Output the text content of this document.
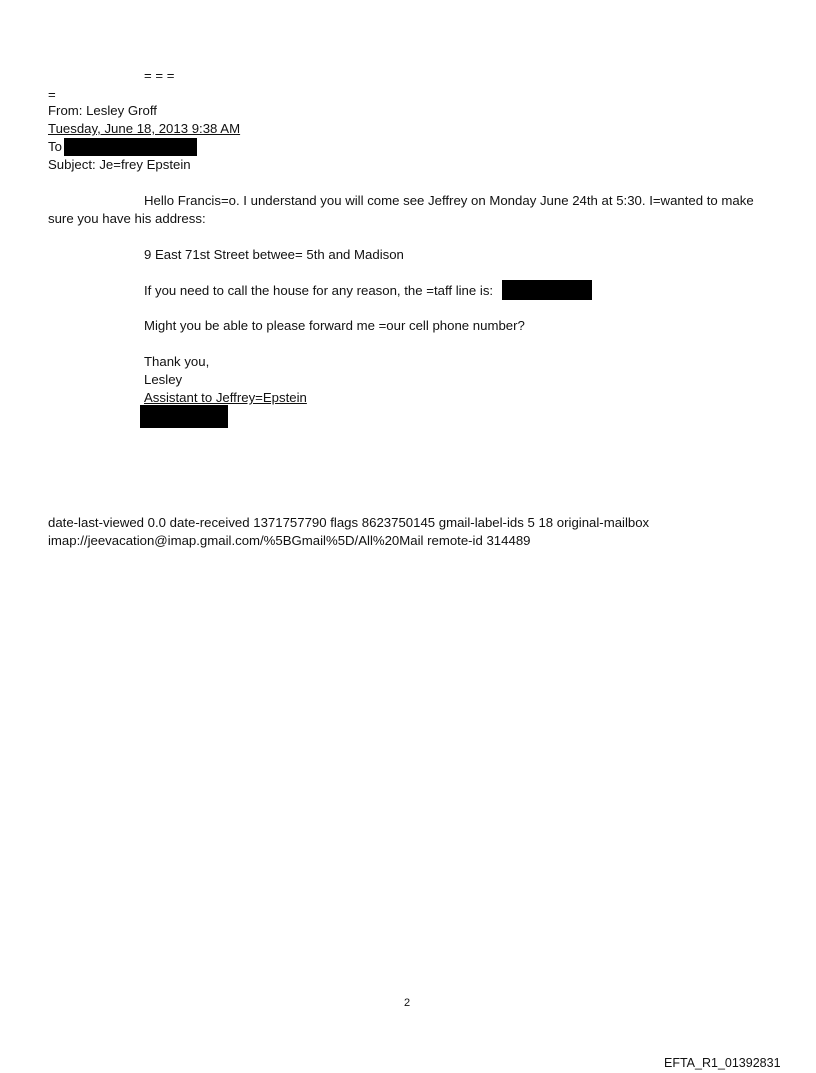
= = =
=
From: Lesley Groff
Tuesday, June 18, 2013 9:38 AM
To
Subject: Je=frey Epstein
Hello Francis=o. I understand you will come see Jeffrey on Monday June 24th at 5:30. I=wanted to make
sure you have his address:
9 East 71st Street betwee= 5th and Madison
If you need to call the house for any reason, the =taff line is:
Might you be able to please forward me =our cell phone number?
Thank you,
Lesley
Assistant to Jeffrey=Epstein
date-last-viewed 0.0 date-received 1371757790 flags 8623750145 gmail-label-ids 5 18 original-mailbox
imap://jeevacation@imap.gmail.com/%5BGmail%5D/All%20Mail remote-id 314489
2
EFTA_R1_01392831
